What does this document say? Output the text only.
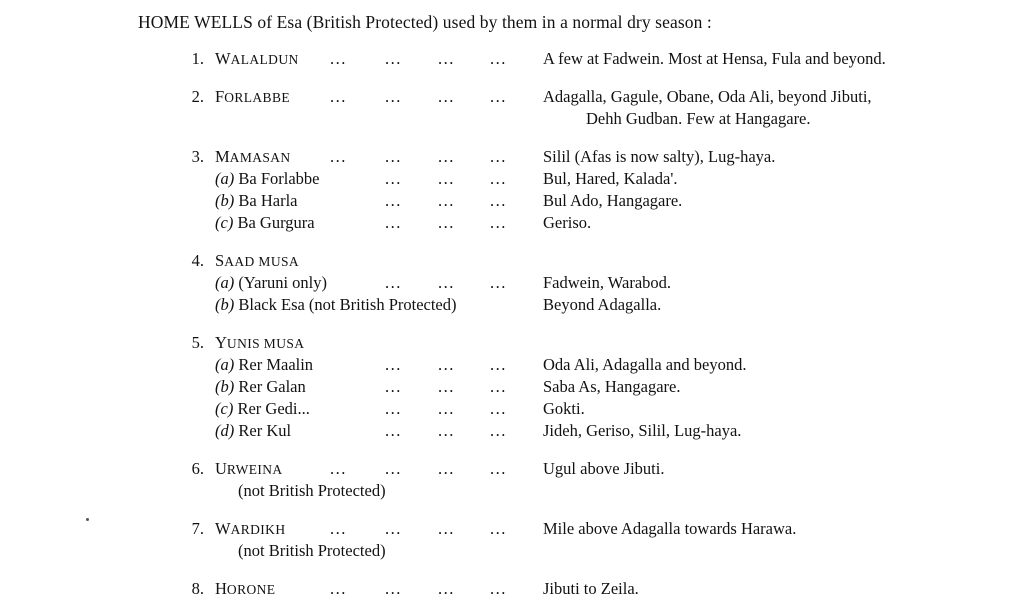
HOME WELLS of Esa (British Protected) used by them in a normal dry season :
1. WALALDUN ... ... ... ... A few at Fadwein. Most at Hensa, Fula and beyond.
2. FORLABBE ... ... ... ... Adagalla, Gagule, Obane, Oda Ali, beyond Jibuti,
Dehh Gudban. Few at Hangagare.
3. MAMASAN ... ... ... ... Silil (Afas is now salty), Lug-haya.
(a) Ba Forlabbe	... ... ... Bul, Hared, Kalada'.
(b) Ba Harla	... ... ... Bul Ado, Hangagare.
(c) Ba Gurgura	... ... ... Geriso.
4. SAAD MUSA
(a) (Yaruni only)	... ... ... Fadwein, Warabod.
(b) Black Esa (not British Protected)	Beyond Adagalla.
5. YUNIS MUSA
(a) Rer Maalin	... ... ... Oda Ali, Adagalla and beyond.
(b) Rer Galan	... ... ... Saba As, Hangagare.
(c) Rer Gedi...	... ... ... Gokti.
(d) Rer Kul	... ... ... Jideh, Geriso, Silil, Lug-haya.
6. URWEINA	... ... ... ... Ugul above Jibuti.
(not British Protected)
7. WARDIKH	... ... ... ... Mile above Adagalla towards Harawa.
(not British Protected)
8. HORONE	... ... ... ... Jibuti to Zeila.
